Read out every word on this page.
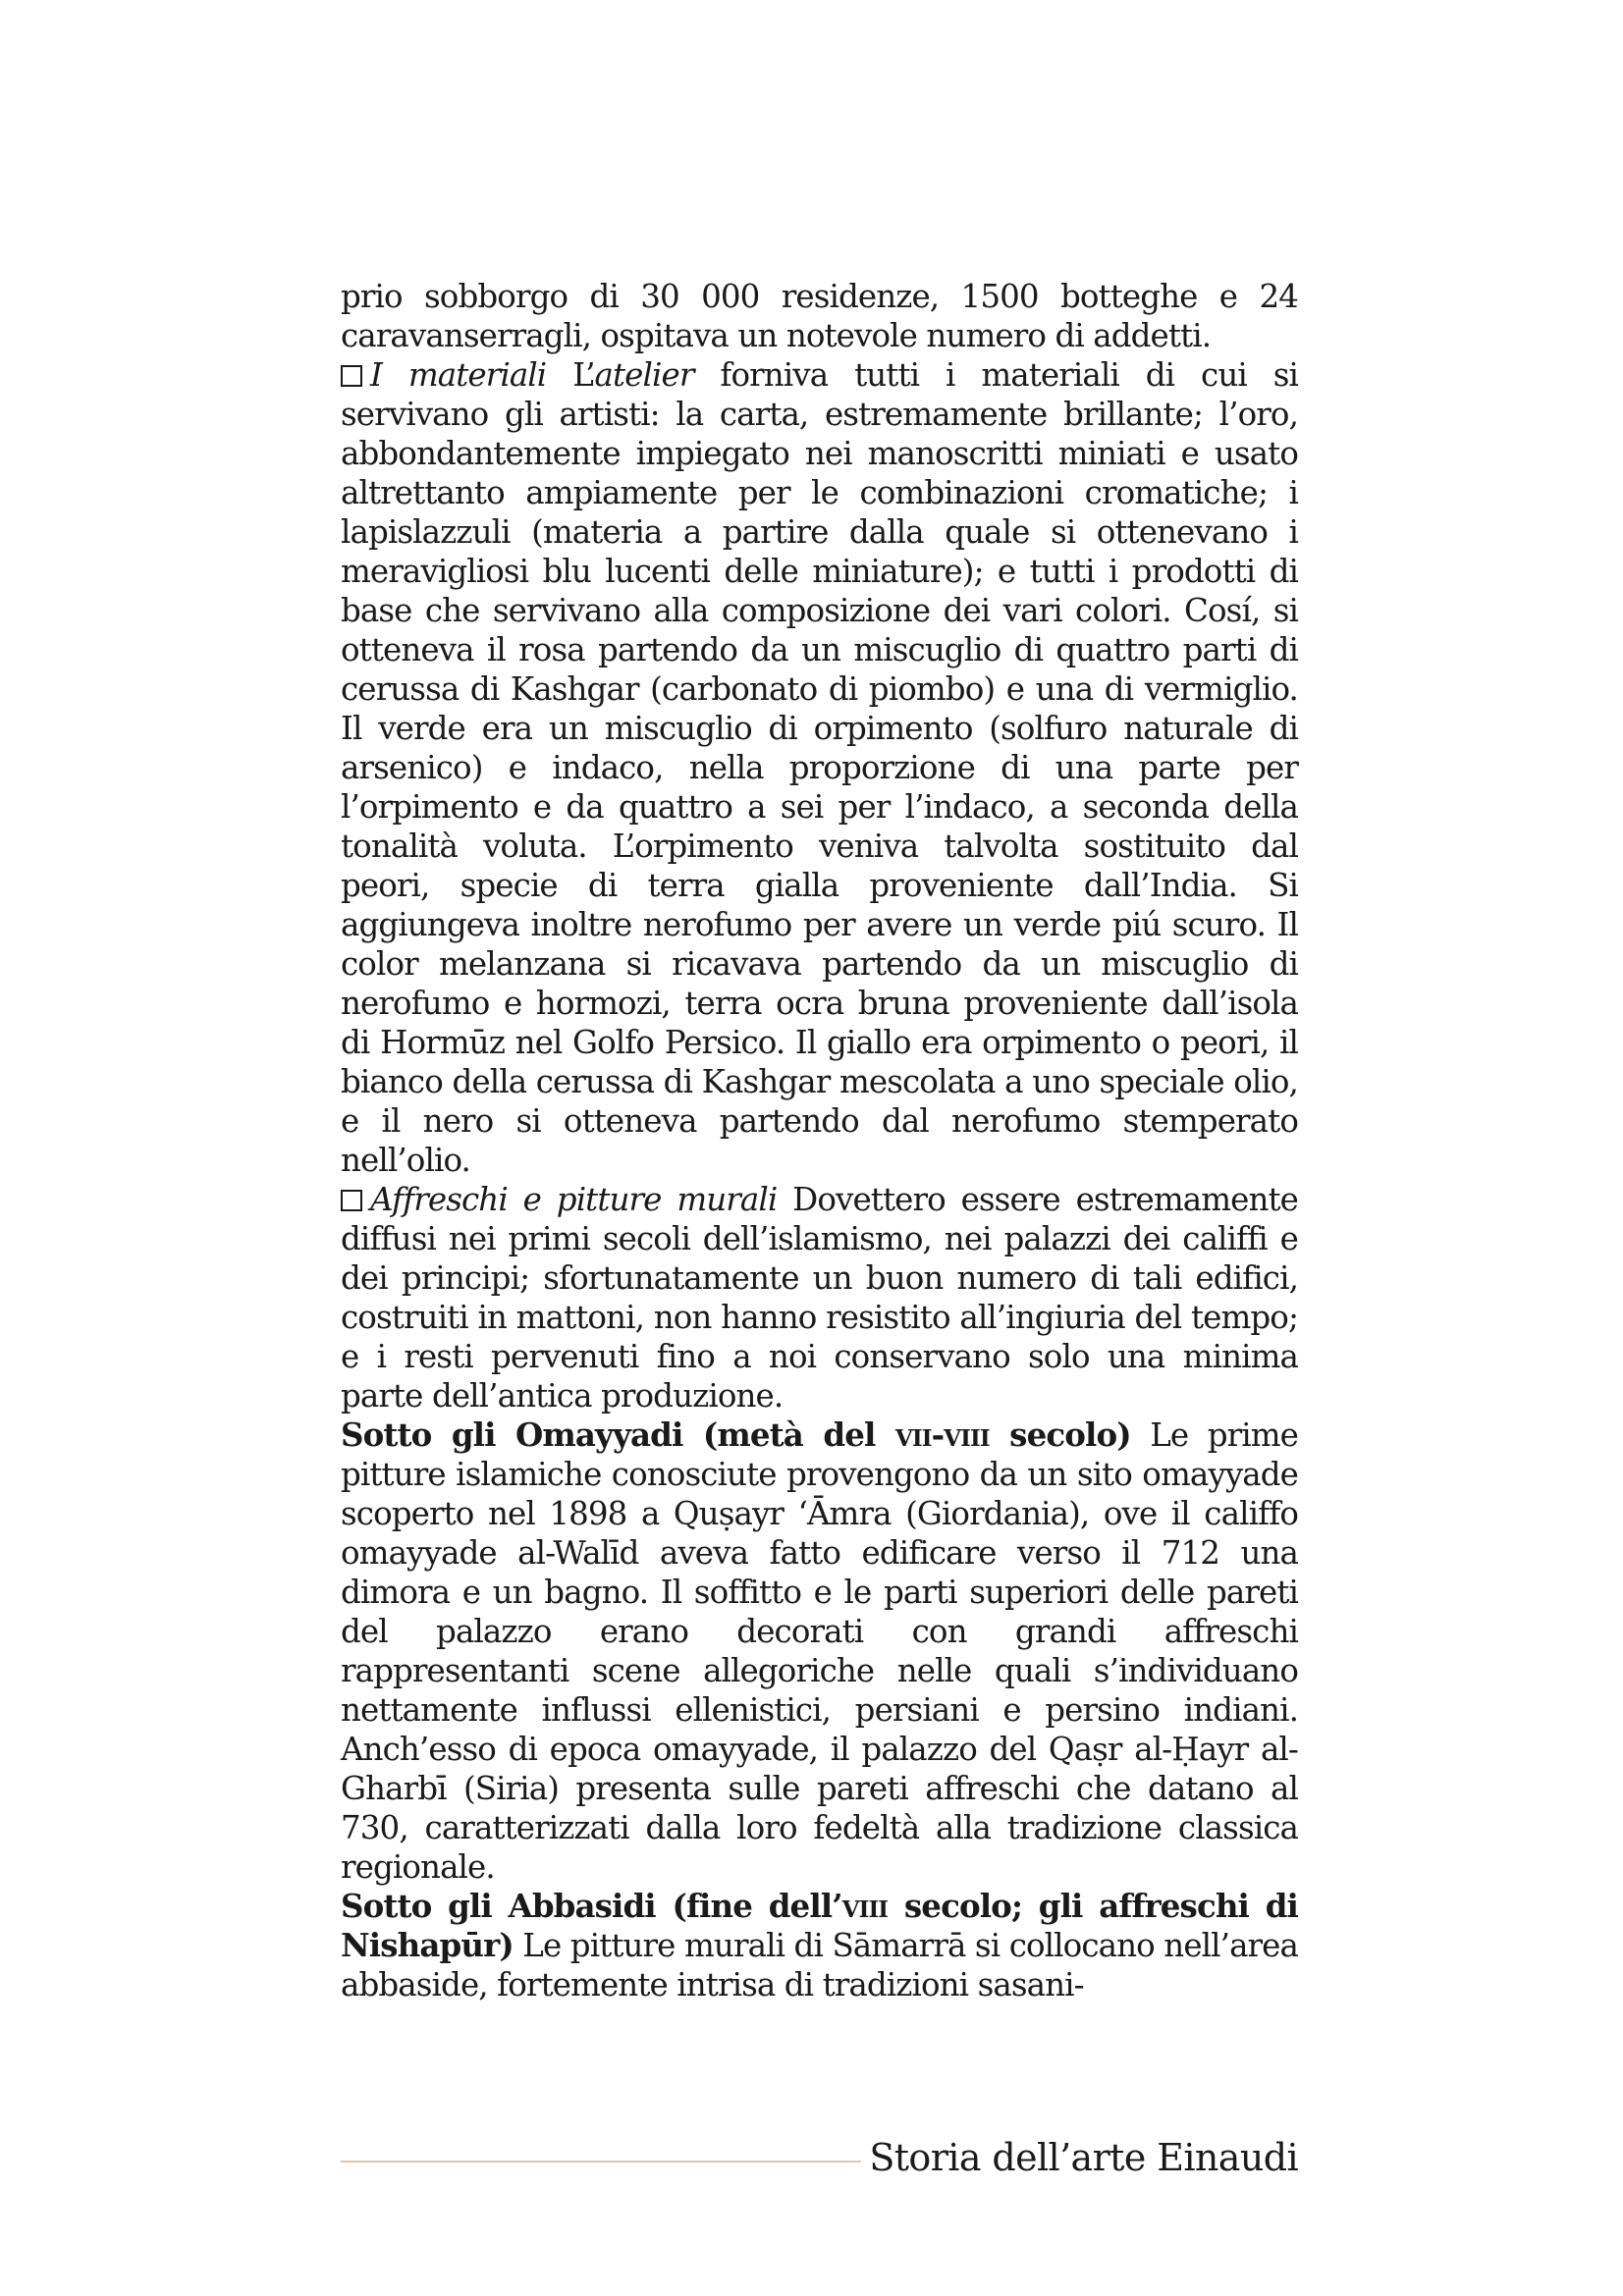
prio sobborgo di 30 000 residenze, 1500 botteghe e 24 caravanserragli, ospitava un notevole numero di addetti.

I materiali L’atelier forniva tutti i materiali di cui si servivano gli artisti: la carta, estremamente brillante; l’oro, abbondantemente impiegato nei manoscritti miniati e usato altrettanto ampiamente per le combinazioni cromatiche; i lapislazzuli (materia a partire dalla quale si ottenevano i meravigliosi blu lucenti delle miniature); e tutti i prodotti di base che servivano alla composizione dei vari colori. Cosí, si otteneva il rosa partendo da un miscuglio di quattro parti di cerussa di Kashgar (carbonato di piombo) e una di vermiglio. Il verde era un miscuglio di orpimento (solfuro naturale di arsenico) e indaco, nella proporzione di una parte per l’orpimento e da quattro a sei per l’indaco, a seconda della tonalità voluta. L’orpimento veniva talvolta sostituito dal peori, specie di terra gialla proveniente dall’India. Si aggiungeva inoltre nerofumo per avere un verde piú scuro. Il color melanzana si ricavava partendo da un miscuglio di nerofumo e hormozi, terra ocra bruna proveniente dall’isola di Hormūz nel Golfo Persico. Il giallo era orpimento o peori, il bianco della cerussa di Kashgar mescolata a uno speciale olio, e il nero si otteneva partendo dal nerofumo stemperato nell’olio.

Affreschi e pitture murali Dovettero essere estremamente diffusi nei primi secoli dell’islamismo, nei palazzi dei califfi e dei principi; sfortunatamente un buon numero di tali edifici, costruiti in mattoni, non hanno resistito all’ingiuria del tempo; e i resti pervenuti fino a noi conservano solo una minima parte dell’antica produzione.

Sotto gli Omayyadi (metà del vii-viii secolo) Le prime pitture islamiche conosciute provengono da un sito omayyade scoperto nel 1898 a Quṣayr ‘Āmra (Giordania), ove il califfo omayyade al-Walīd aveva fatto edificare verso il 712 una dimora e un bagno. Il soffitto e le parti superiori delle pareti del palazzo erano decorati con grandi affreschi rappresentanti scene allegoriche nelle quali s’individuano nettamente influssi ellenistici, persiani e persino indiani. Anch’esso di epoca omayyade, il palazzo del Qaṣr al-Ḥayr al-Gharbī (Siria) presenta sulle pareti affreschi che datano al 730, caratterizzati dalla loro fedeltà alla tradizione classica regionale.

Sotto gli Abbasidi (fine dell’viii secolo; gli affreschi di Nishapūr) Le pitture murali di Sāmarrā si collocano nell’area abbaside, fortemente intrisa di tradizioni sasani-

Storia dell’arte Einaudi
